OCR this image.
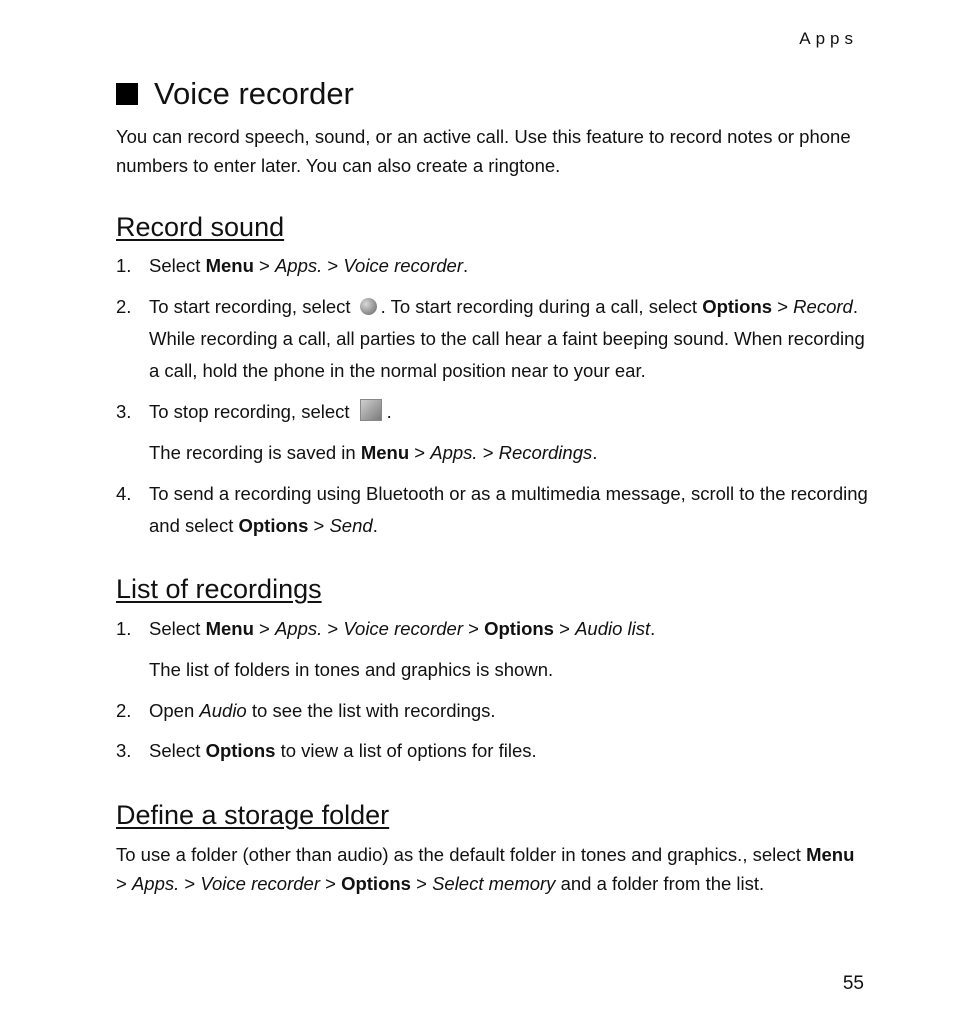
Apps
Voice recorder

You can record speech, sound, or an active call. Use this feature to record notes or phone numbers to enter later. You can also create a ringtone.

Record sound
1. Select Menu > Apps. > Voice recorder.
2. To start recording, select . To start recording during a call, select Options > Record. While recording a call, all parties to the call hear a faint beeping sound. When recording a call, hold the phone in the normal position near to your ear.
3. To stop recording, select .
The recording is saved in Menu > Apps. > Recordings.
4. To send a recording using Bluetooth or as a multimedia message, scroll to the recording and select Options > Send.
List of recordings
1. Select Menu > Apps. > Voice recorder > Options > Audio list.
The list of folders in tones and graphics is shown.
2. Open Audio to see the list with recordings.
3. Select Options to view a list of options for files.
Define a storage folder

To use a folder (other than audio) as the default folder in tones and graphics., select Menu > Apps. > Voice recorder > Options > Select memory and a folder from the list.

55
